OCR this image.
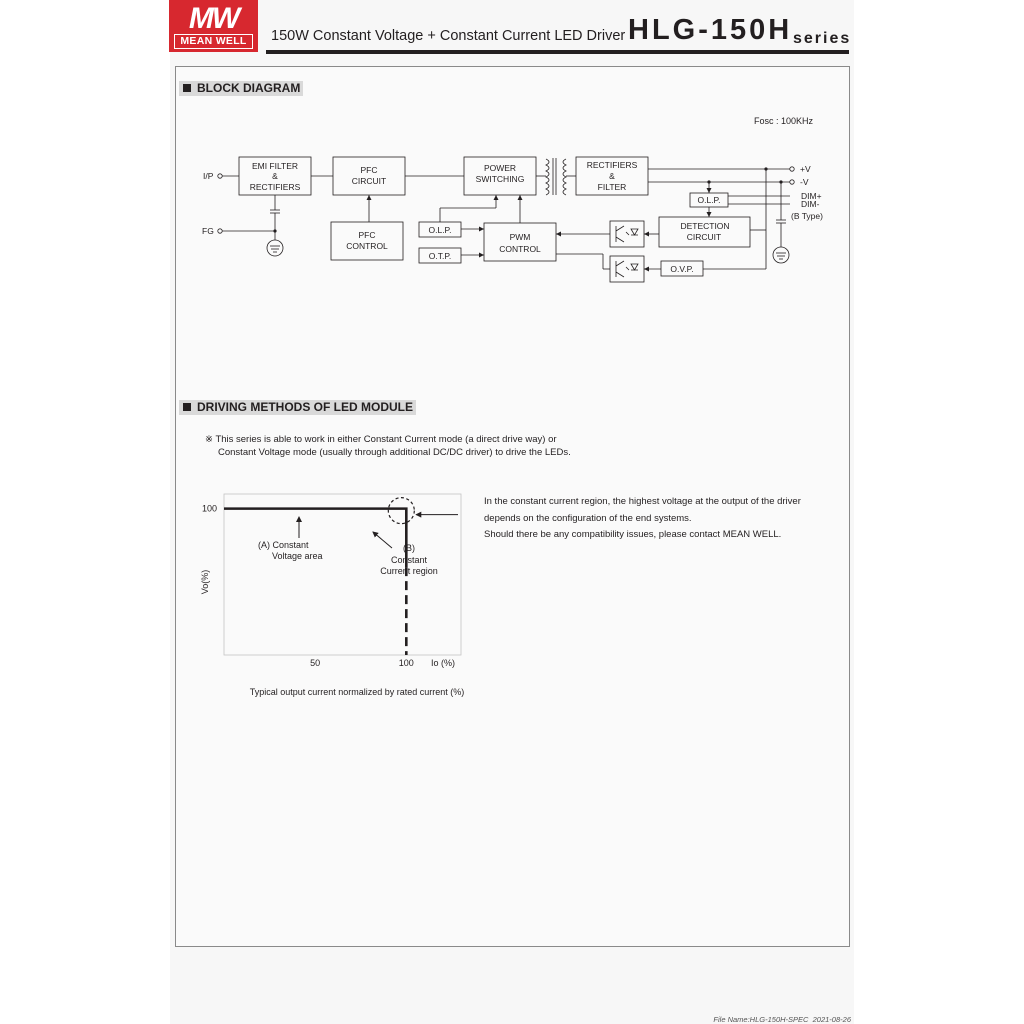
MW
MEAN WELL	150W Constant Voltage + Constant Current LED Driver HLG-150H series
BLOCK DIAGRAM
Fosc : 100KHz
I/P
FG
EMI FILTER
&
RECTIFIERS
PFC
CIRCUIT
PFC
CONTROL
POWER
SWITCHING
RECTIFIERS
&
FILTER
O.L.P.
O.T.P.
PWM
CONTROL
O.L.P.
DETECTION
CIRCUIT
O.V.P.
+V
-V
DIM+
DIM-
(B Type)
DRIVING METHODS OF LED MODULE
※ This series is able to work in either Constant Current mode (a direct drive way) or
Constant Voltage mode (usually through additional DC/DC driver) to drive the LEDs.
In the constant current region, the highest voltage at the output of the driver
depends on the configuration of the end systems.
Should there be any compatibility issues, please contact MEAN WELL.
100
50	100 Io (%)
Vo(%)
(A) Constant
Voltage area
(B)
Constant
Current region
Typical output current normalized by rated current (%)
File Name:HLG-150H-SPEC 2021-08-26
